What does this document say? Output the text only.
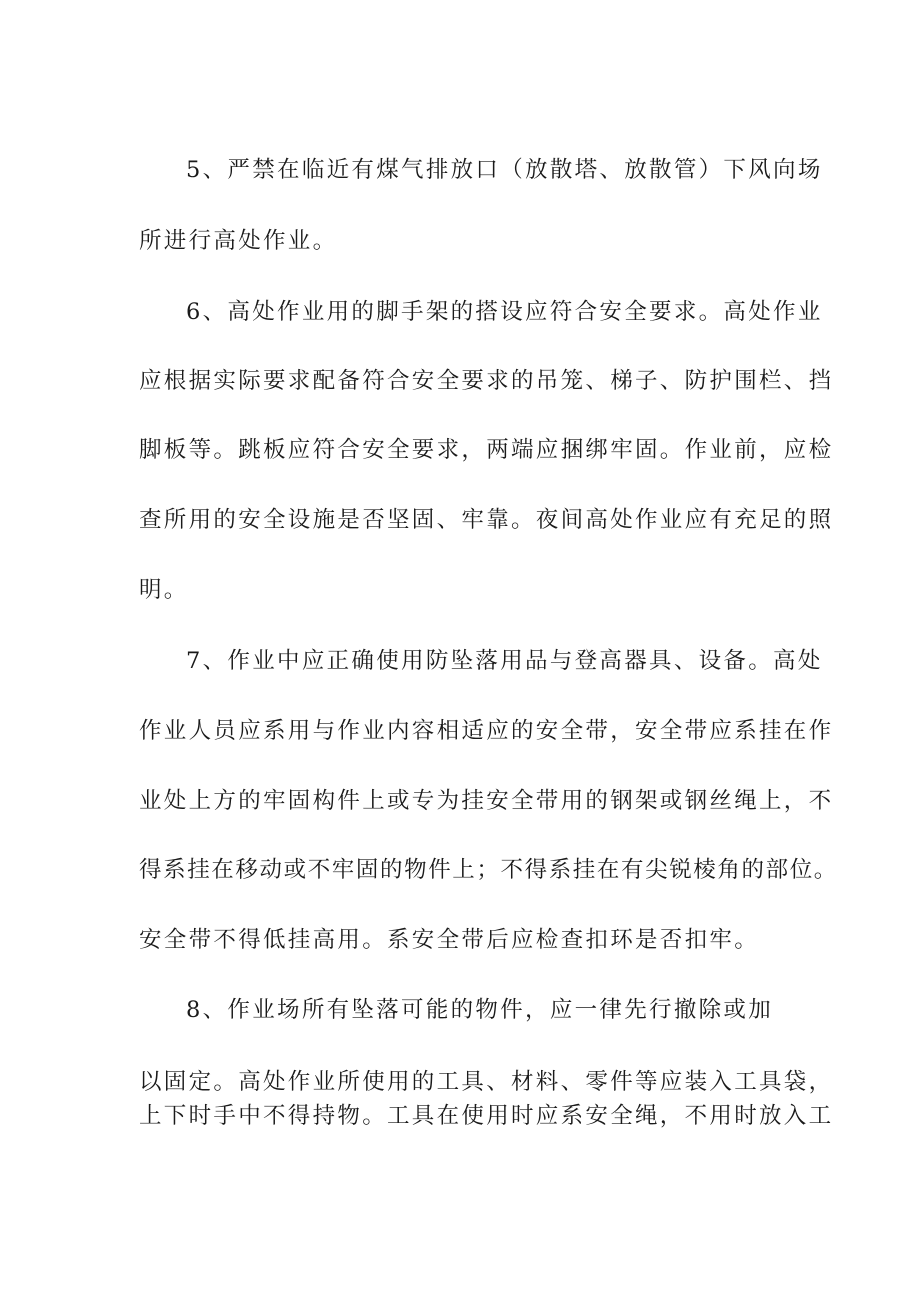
5、严禁在临近有煤气排放口（放散塔、放散管）下风向场
所进行高处作业。
6、高处作业用的脚手架的搭设应符合安全要求。高处作业
应根据实际要求配备符合安全要求的吊笼、梯子、防护围栏、挡
脚板等。跳板应符合安全要求，两端应捆绑牢固。作业前，应检
查所用的安全设施是否坚固、牢靠。夜间高处作业应有充足的照
明。
7、作业中应正确使用防坠落用品与登高器具、设备。高处
作业人员应系用与作业内容相适应的安全带，安全带应系挂在作
业处上方的牢固构件上或专为挂安全带用的钢架或钢丝绳上，不
得系挂在移动或不牢固的物件上；不得系挂在有尖锐棱角的部位。
安全带不得低挂高用。系安全带后应检查扣环是否扣牢。
8、作业场所有坠落可能的物件，应一律先行撤除或加
以固定。高处作业所使用的工具、材料、零件等应装入工具袋，
上下时手中不得持物。工具在使用时应系安全绳，不用时放入工
